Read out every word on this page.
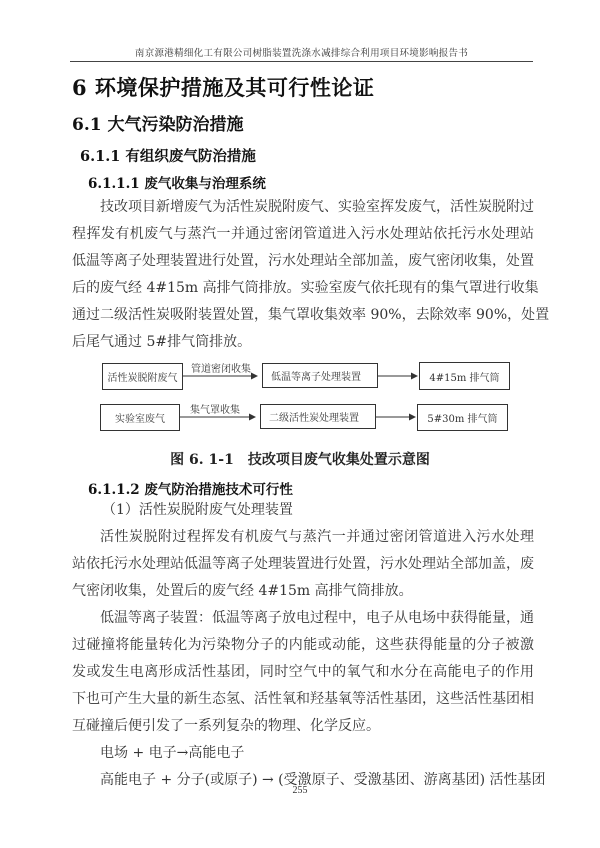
南京源港精细化工有限公司树脂装置洗涤水减排综合利用项目环境影响报告书
6 环境保护措施及其可行性论证
6.1 大气污染防治措施
6.1.1 有组织废气防治措施
6.1.1.1 废气收集与治理系统
技改项目新增废气为活性炭脱附废气、实验室挥发废气，活性炭脱附过
程挥发有机废气与蒸汽一并通过密闭管道进入污水处理站依托污水处理站
低温等离子处理装置进行处置，污水处理站全部加盖，废气密闭收集，处置
后的废气经 4#15m 高排气筒排放。实验室废气依托现有的集气罩进行收集
通过二级活性炭吸附装置处置，集气罩收集效率 90%，去除效率 90%，处置
后尾气通过 5#排气筒排放。
活性炭脱附废气
管道密闭收集
低温等离子处理装置	4#15m 排气筒
实验室废气
集气罩收集
二级活性炭处理装置	5#30m 排气筒
图 6. 1-1　技改项目废气收集处置示意图
6.1.1.2 废气防治措施技术可行性
（1）活性炭脱附废气处理装置
活性炭脱附过程挥发有机废气与蒸汽一并通过密闭管道进入污水处理
站依托污水处理站低温等离子处理装置进行处置，污水处理站全部加盖，废
气密闭收集，处置后的废气经 4#15m 高排气筒排放。
低温等离子装置：低温等离子放电过程中，电子从电场中获得能量，通
过碰撞将能量转化为污染物分子的内能或动能，这些获得能量的分子被激
发或发生电离形成活性基团，同时空气中的氧气和水分在高能电子的作用
下也可产生大量的新生态氢、活性氧和羟基氧等活性基团，这些活性基团相
互碰撞后便引发了一系列复杂的物理、化学反应。
电场 + 电子→高能电子
高能电子 + 分子(或原子) → (受激原子、受激基团、游离基团) 活性基团
255
